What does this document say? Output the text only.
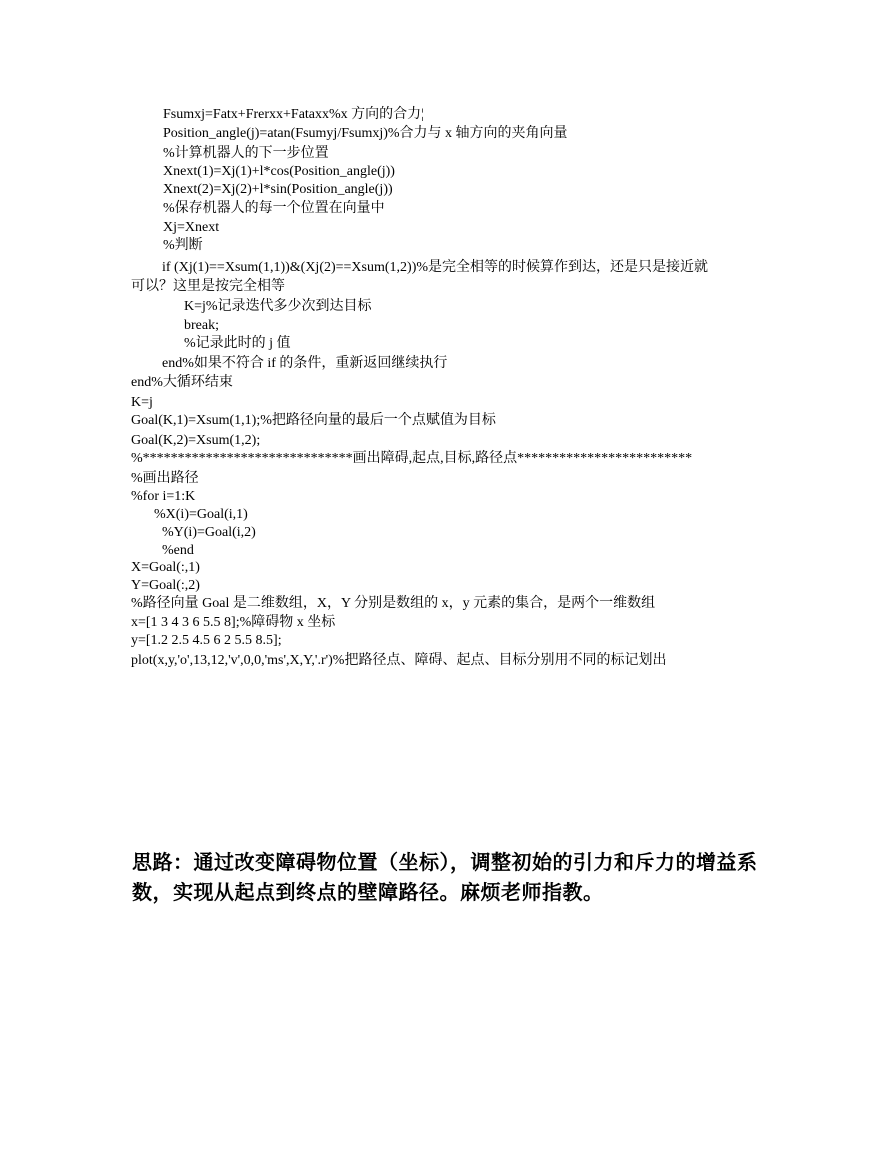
Fsumxj=Fatx+Frerxx+Fataxx%x 方向的合力¦
Position_angle(j)=atan(Fsumyj/Fsumxj)%合力与 x 轴方向的夹角向量
%计算机器人的下一步位置
Xnext(1)=Xj(1)+l*cos(Position_angle(j))
Xnext(2)=Xj(2)+l*sin(Position_angle(j))
%保存机器人的每一个位置在向量中
Xj=Xnext
%判断
if (Xj(1)==Xsum(1,1))&(Xj(2)==Xsum(1,2))%是完全相等的时候算作到达，还是只是接近就
可以？这里是按完全相等
K=j%记录迭代多少次到达目标
break;
%记录此时的 j 值
end%如果不符合 if 的条件，重新返回继续执行
end%大循环结束
K=j
Goal(K,1)=Xsum(1,1);%把路径向量的最后一个点赋值为目标
Goal(K,2)=Xsum(1,2);
%******************************画出障碍,起点,目标,路径点*************************
%画出路径
%for i=1:K
%X(i)=Goal(i,1)
%Y(i)=Goal(i,2)
%end
X=Goal(:,1)
Y=Goal(:,2)
%路径向量 Goal 是二维数组，X，Y 分别是数组的 x，y 元素的集合，是两个一维数组
x=[1 3 4 3 6 5.5 8];%障碍物 x 坐标
y=[1.2 2.5 4.5 6 2 5.5 8.5];
plot(x,y,'o',13,12,'v',0,0,'ms',X,Y,'.r')%把路径点、障碍、起点、目标分别用不同的标记划出
思路：通过改变障碍物位置（坐标），调整初始的引力和斥力的增益系数，实现从起点到终点的壁障路径。麻烦老师指教。
